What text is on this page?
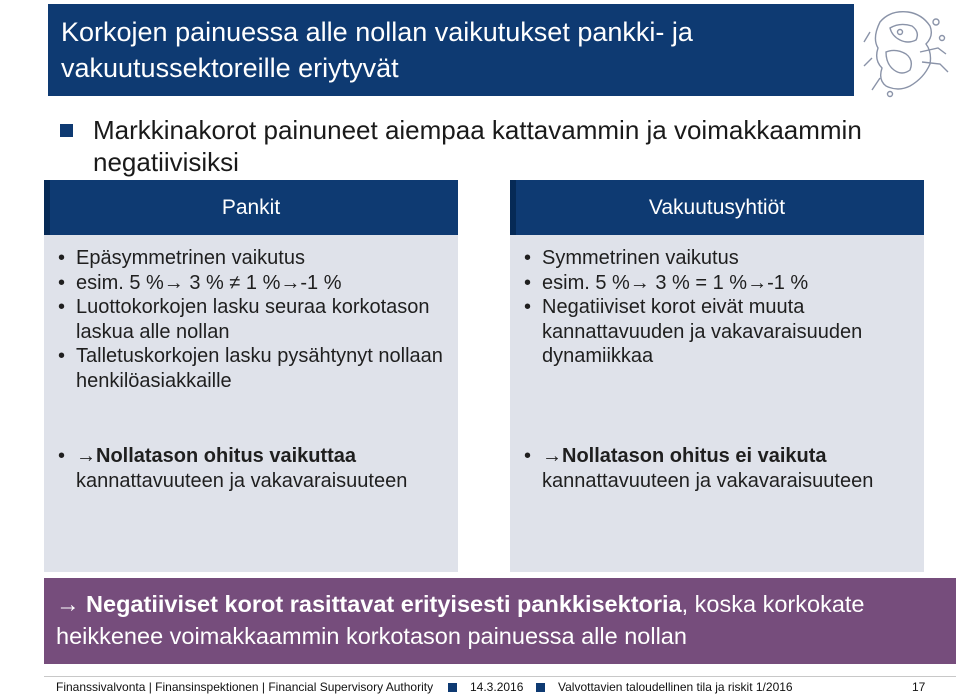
Korkojen painuessa alle nollan vaikutukset pankki- ja vakuutussektoreille eriytyvät
Markkinakorot painuneet aiempaa kattavammin ja voimakkaammin negatiivisiksi
Pankit
• Epäsymmetrinen vaikutus
• esim. 5 %→ 3 % ≠ 1 %→-1 %
• Luottokorkojen lasku seuraa korkotason laskua alle nollan
• Talletuskorkojen lasku pysähtynyt nollaan henkilöasiakkaille
• →Nollatason ohitus vaikuttaa kannattavuuteen ja vakavaraisuuteen
Vakuutusyhtiöt
• Symmetrinen vaikutus
• esim. 5 %→ 3 % = 1 %→-1 %
• Negatiiviset korot eivät muuta kannattavuuden ja vakavaraisuuden dynamiikkaa
• →Nollatason ohitus ei vaikuta kannattavuuteen ja vakavaraisuuteen
→ Negatiiviset korot rasittavat erityisesti pankkisektoria, koska korkokate heikkenee voimakkaammin korkotason painuessa alle nollan
Finanssivalvonta | Finansinspektionen | Financial Supervisory Authority	14.3.2016	Valvottavien taloudellinen tila ja riskit 1/2016	17
